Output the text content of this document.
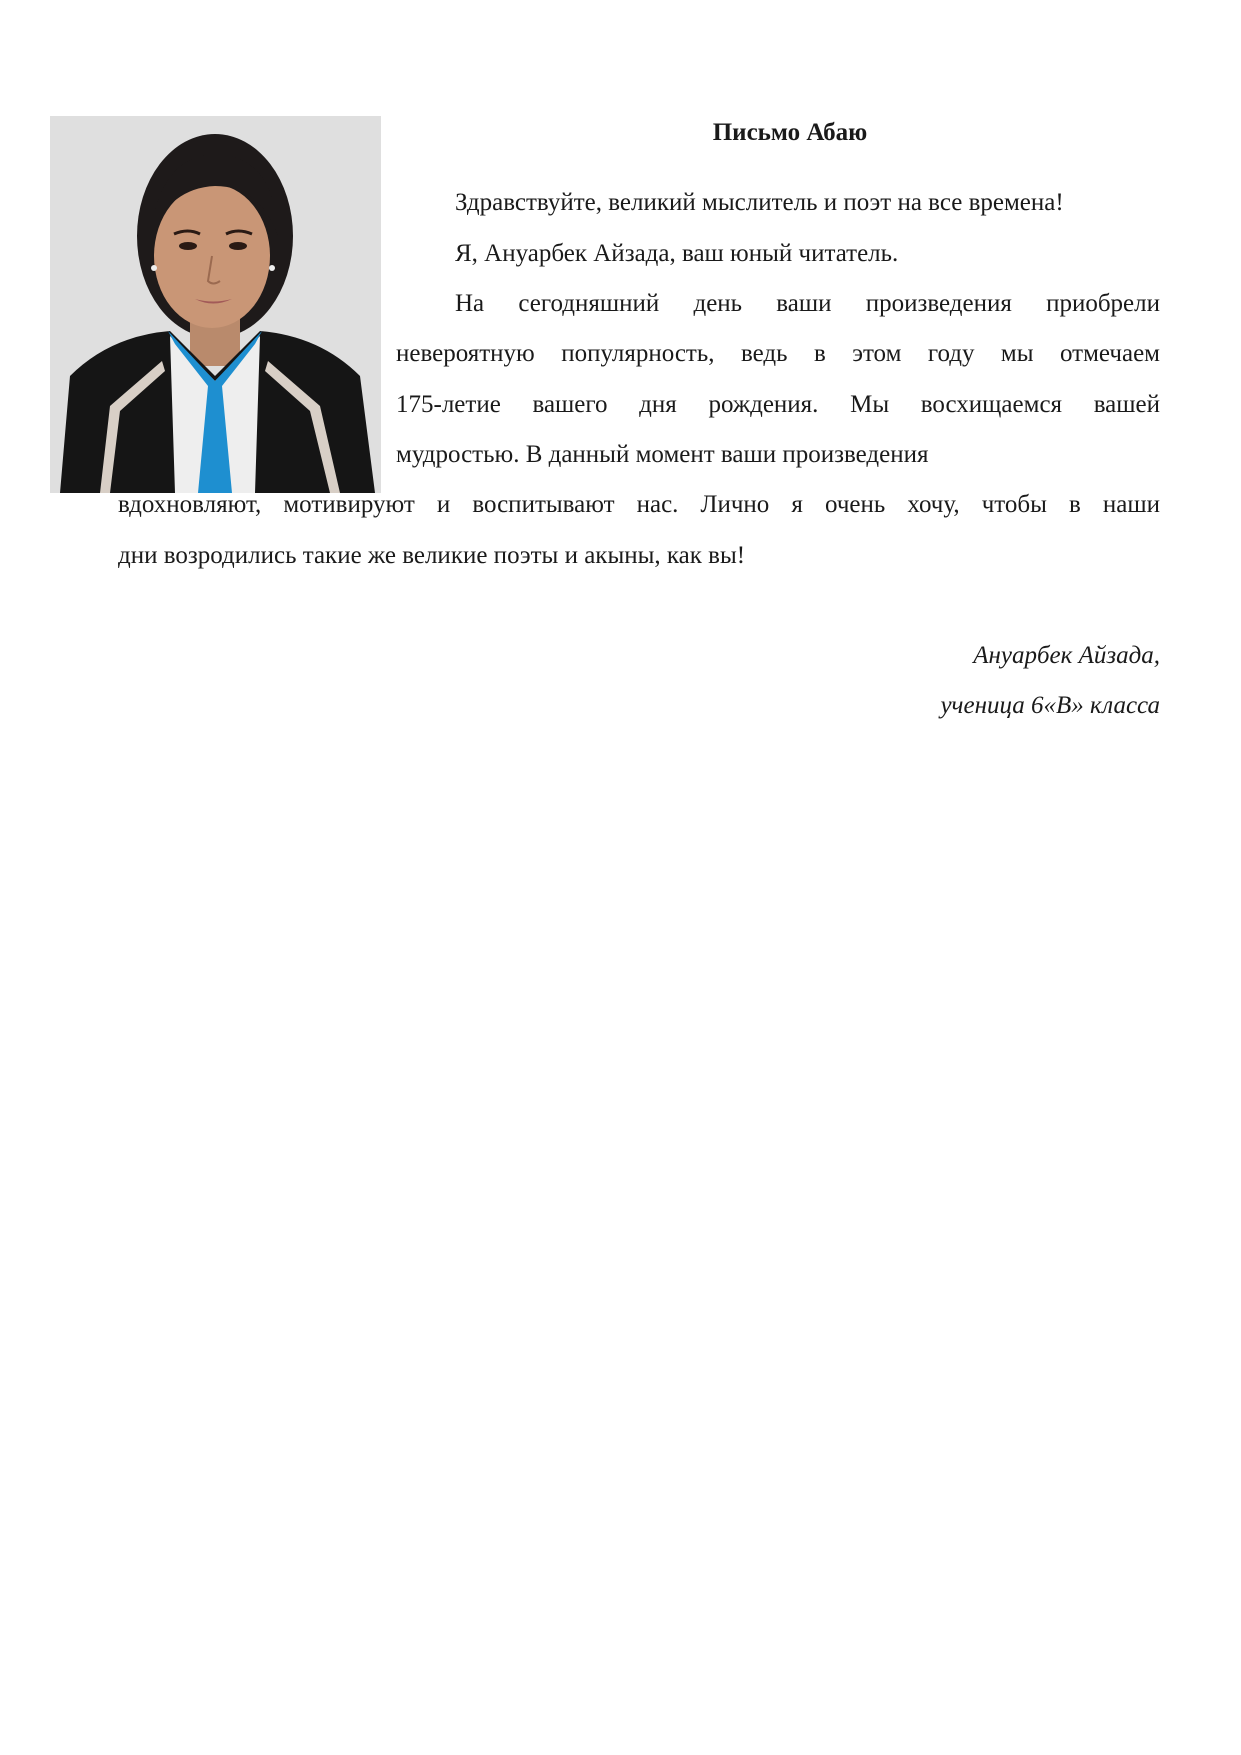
Письмо Абаю
Здравствуйте, великий мыслитель и поэт на все времена!
Я, Ануарбек Айзада, ваш юный читатель.
На сегодняшний день ваши произведения приобрели
невероятную популярность, ведь в этом году мы отмечаем
175-летие вашего дня рождения. Мы восхищаемся вашей
мудростью. В данный момент ваши произведения
вдохновляют, мотивируют и воспитывают нас. Лично я очень хочу, чтобы в наши
дни возродились такие же великие поэты и акыны, как вы!
Ануарбек Айзада,
ученица 6«В» класса
